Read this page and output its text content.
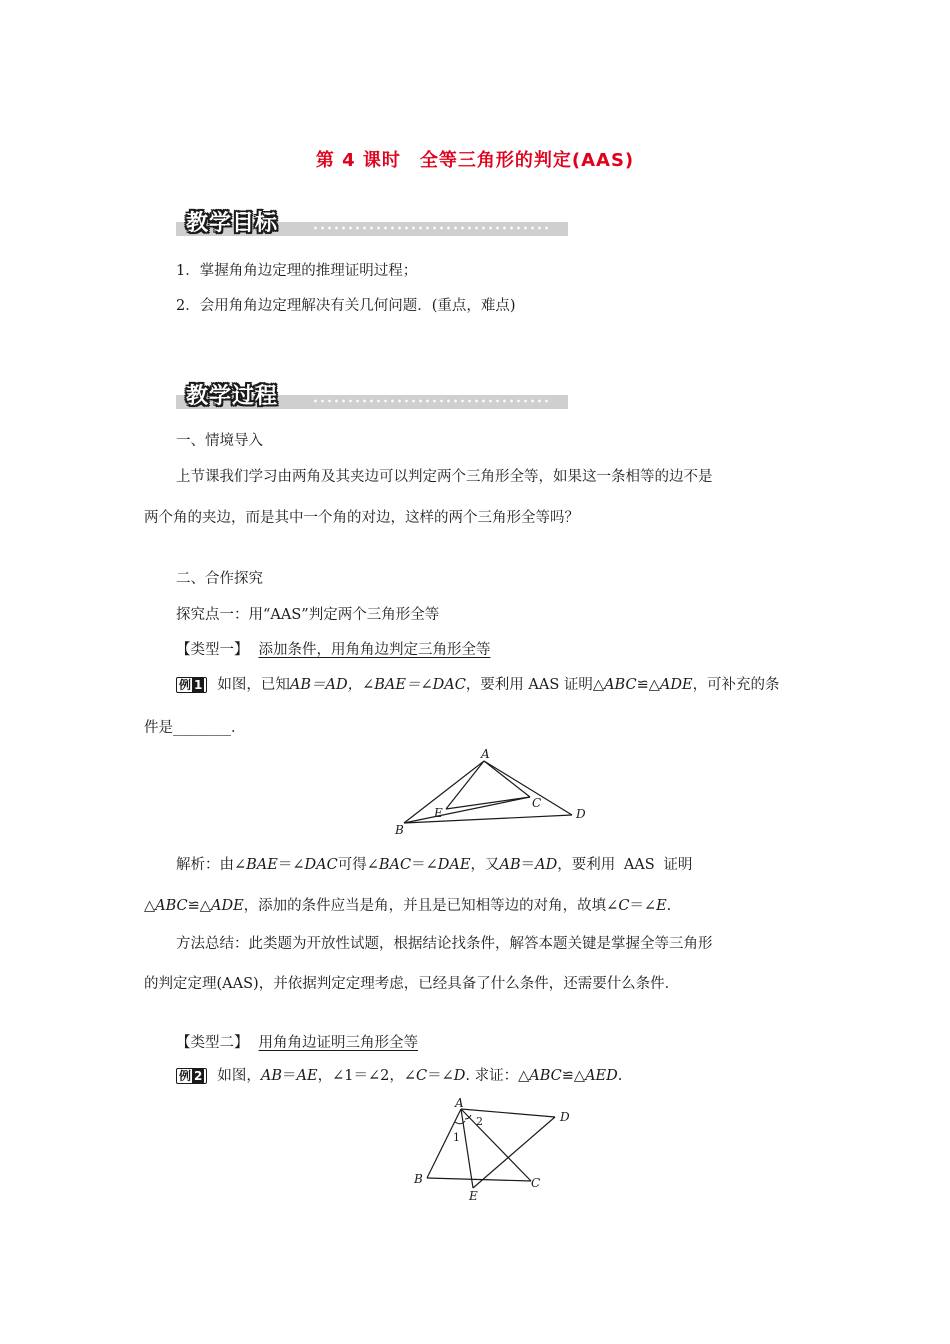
第 4 课时　全等三角形的判定(AAS)
教学目标
1．掌握角角边定理的推理证明过程；
2．会用角角边定理解决有关几何问题．(重点，难点)
教学过程
一、情境导入
上节课我们学习由两角及其夹边可以判定两个三角形全等，如果这一条相等的边不是
两个角的夹边，而是其中一个角的对边，这样的两个三角形全等吗？
二、合作探究
探究点一：用“AAS”判定两个三角形全等
【类型一】 添加条件，用角角边判定三角形全等
例 1 如图，已知AB＝AD，∠BAE＝∠DAC，要利用 AAS 证明△ABC≌△ADE，可补充的条
件是________．
A
B
C
D
E
解析：由∠BAE＝∠DAC可得∠BAC＝∠DAE，又AB＝AD，要利用 AAS 证明
△ABC≌△ADE，添加的条件应当是角，并且是已知相等边的对角，故填∠C＝∠E.
方法总结：此类题为开放性试题，根据结论找条件，解答本题关键是掌握全等三角形
的判定定理(AAS)，并依据判定定理考虑，已经具备了什么条件，还需要什么条件．
【类型二】 用角角边证明三角形全等
例 2 如图，AB＝AE，∠1＝∠2，∠C＝∠D. 求证：△ABC≌△AED.
A
B	C
D
E
1
2
